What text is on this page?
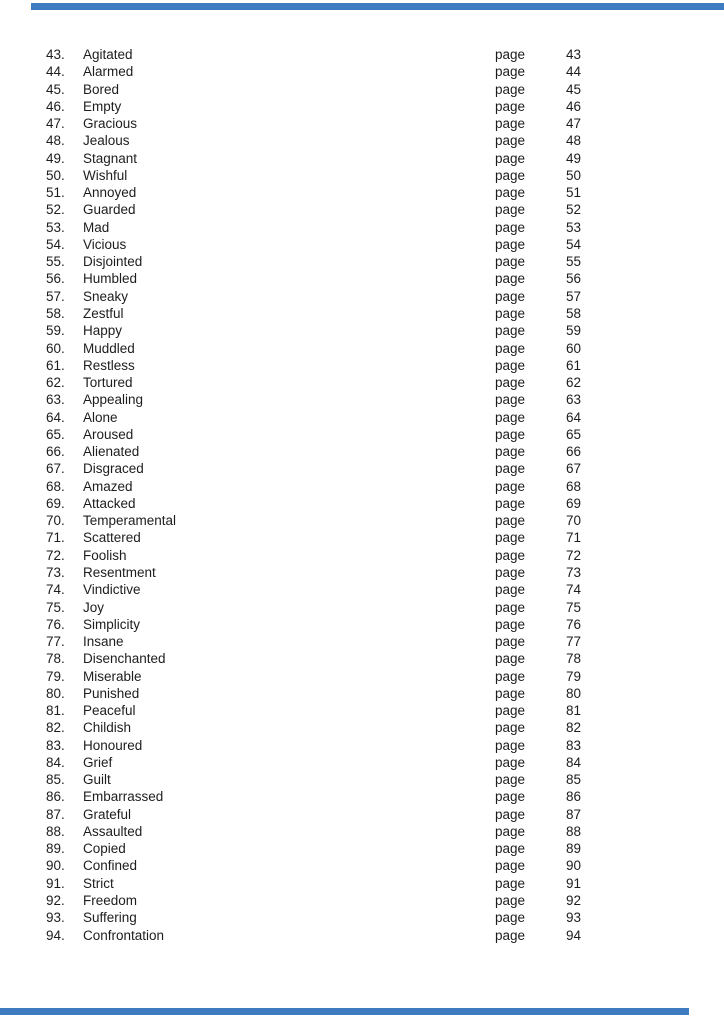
43. Agitated	page	43
44. Alarmed	page	44
45. Bored	page	45
46. Empty	page	46
47. Gracious	page	47
48. Jealous	page	48
49. Stagnant	page	49
50. Wishful	page	50
51. Annoyed	page	51
52. Guarded	page	52
53. Mad	page	53
54. Vicious	page	54
55. Disjointed	page	55
56. Humbled	page	56
57. Sneaky	page	57
58. Zestful	page	58
59. Happy	page	59
60. Muddled	page	60
61. Restless	page	61
62. Tortured	page	62
63. Appealing	page	63
64. Alone	page	64
65. Aroused	page	65
66. Alienated	page	66
67. Disgraced	page	67
68. Amazed	page	68
69. Attacked	page	69
70. Temperamental	page	70
71. Scattered	page	71
72. Foolish	page	72
73. Resentment	page	73
74. Vindictive	page	74
75. Joy	page	75
76. Simplicity	page	76
77. Insane	page	77
78. Disenchanted	page	78
79. Miserable	page	79
80. Punished	page	80
81. Peaceful	page	81
82. Childish	page	82
83. Honoured	page	83
84. Grief	page	84
85. Guilt	page	85
86. Embarrassed	page	86
87. Grateful	page	87
88. Assaulted	page	88
89. Copied	page	89
90. Confined	page	90
91. Strict	page	91
92. Freedom	page	92
93. Suffering	page	93
94. Confrontation	page	94
